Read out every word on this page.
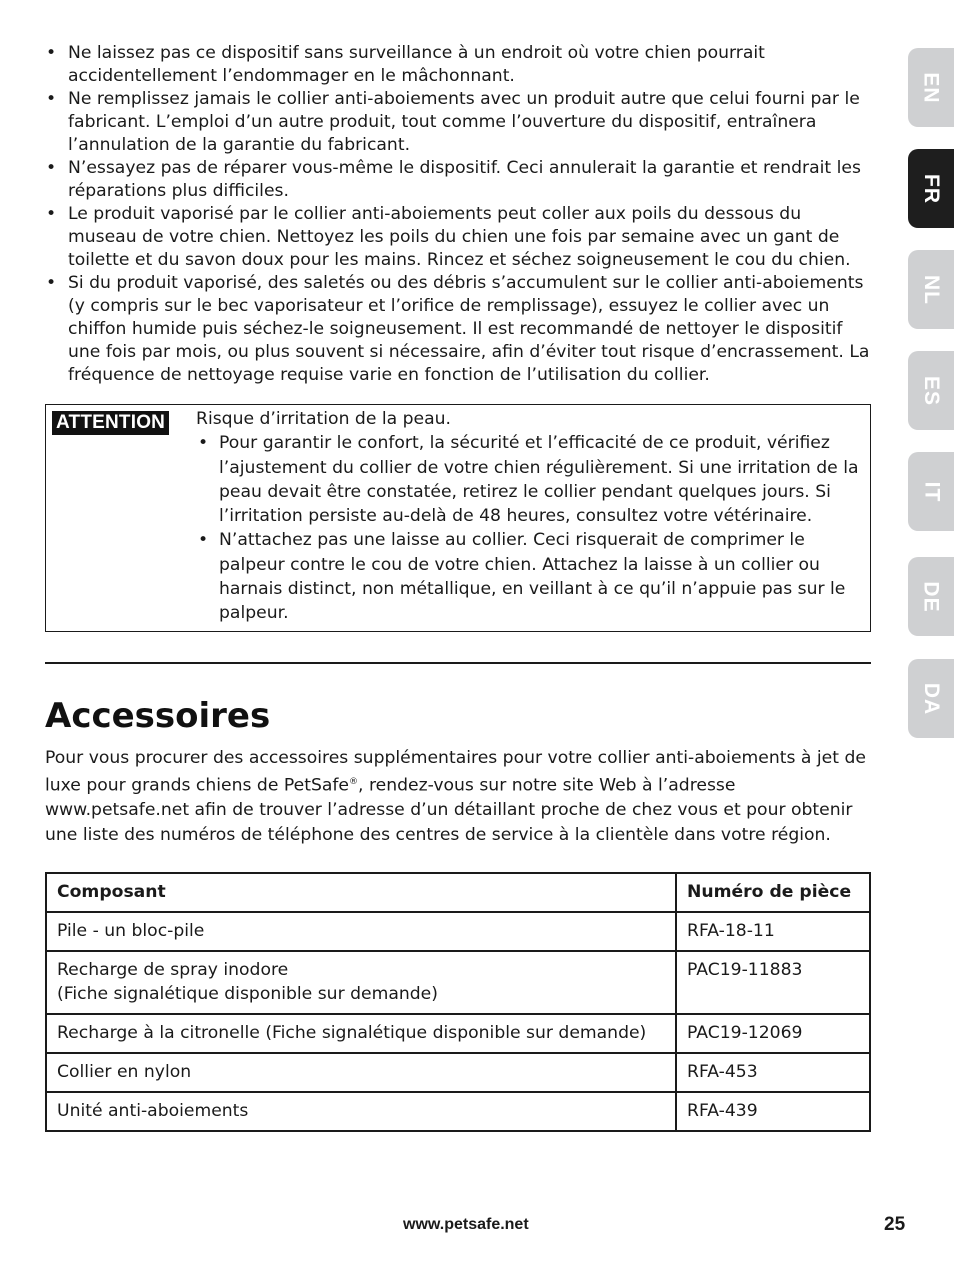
• Ne laissez pas ce dispositif sans surveillance à un endroit où votre chien pourrait accidentellement l’endommager en le mâchonnant.
• Ne remplissez jamais le collier anti-aboiements avec un produit autre que celui fourni par le fabricant. L’emploi d’un autre produit, tout comme l’ouverture du dispositif, entraînera l’annulation de la garantie du fabricant.
• N’essayez pas de réparer vous-même le dispositif. Ceci annulerait la garantie et rendrait les réparations plus difficiles.
• Le produit vaporisé par le collier anti-aboiements peut coller aux poils du dessous du museau de votre chien. Nettoyez les poils du chien une fois par semaine avec un gant de toilette et du savon doux pour les mains. Rincez et séchez soigneusement le cou du chien.
• Si du produit vaporisé, des saletés ou des débris s’accumulent sur le collier anti-aboiements (y compris sur le bec vaporisateur et l’orifice de remplissage), essuyez le collier avec un chiffon humide puis séchez-le soigneusement. Il est recommandé de nettoyer le dispositif une fois par mois, ou plus souvent si nécessaire, afin d’éviter tout risque d’encrassement. La fréquence de nettoyage requise varie en fonction de l’utilisation du collier.
ATTENTION Risque d’irritation de la peau.
• Pour garantir le confort, la sécurité et l’efficacité de ce produit, vérifiez l’ajustement du collier de votre chien régulièrement. Si une irritation de la peau devait être constatée, retirez le collier pendant quelques jours. Si l’irritation persiste au-delà de 48 heures, consultez votre vétérinaire.
• N’attachez pas une laisse au collier. Ceci risquerait de comprimer le palpeur contre le cou de votre chien. Attachez la laisse à un collier ou harnais distinct, non métallique, en veillant à ce qu’il n’appuie pas sur le palpeur.
Accessoires

Pour vous procurer des accessoires supplémentaires pour votre collier anti-aboiements à jet de luxe pour grands chiens de PetSafe®, rendez-vous sur notre site Web à l’adresse www.petsafe.net afin de trouver l’adresse d’un détaillant proche de chez vous et pour obtenir une liste des numéros de téléphone des centres de service à la clientèle dans votre région.

Composant	Numéro de pièce
Pile - un bloc-pile	RFA-18-11
Recharge de spray inodore
(Fiche signalétique disponible sur demande)	PAC19-11883
Recharge à la citronelle (Fiche signalétique disponible sur demande)	PAC19-12069
Collier en nylon	RFA-453
Unité anti-aboiements	RFA-439
EN
FR
NL
ES
IT
DE
DA
www.petsafe.net	25
